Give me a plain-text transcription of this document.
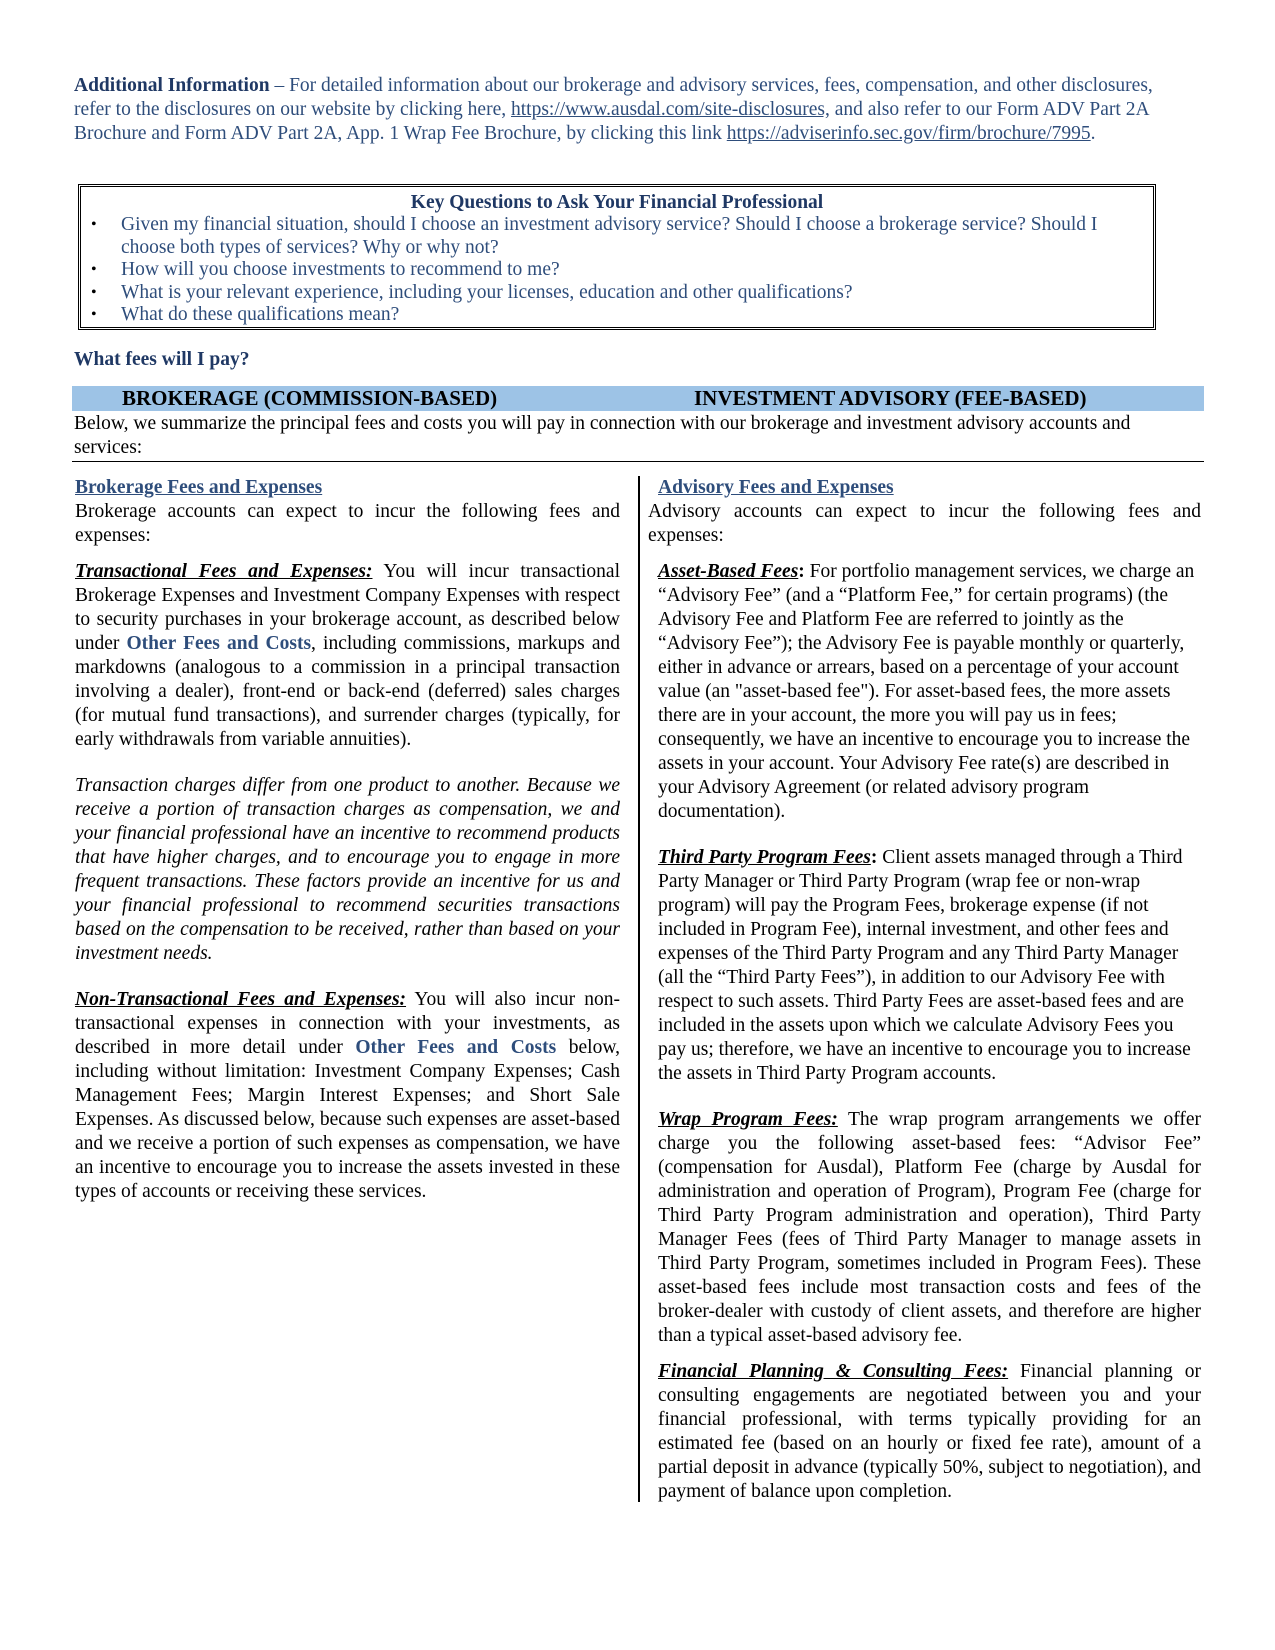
Additional Information – For detailed information about our brokerage and advisory services, fees, compensation, and other disclosures, refer to the disclosures on our website by clicking here, https://www.ausdal.com/site-disclosures, and also refer to our Form ADV Part 2A Brochure and Form ADV Part 2A, App. 1 Wrap Fee Brochure, by clicking this link https://adviserinfo.sec.gov/firm/brochure/7995.
Key Questions to Ask Your Financial Professional
• Given my financial situation, should I choose an investment advisory service? Should I choose a brokerage service? Should I choose both types of services? Why or why not?
• How will you choose investments to recommend to me?
• What is your relevant experience, including your licenses, education and other qualifications?
• What do these qualifications mean?
What fees will I pay?
BROKERAGE (COMMISSION-BASED)	INVESTMENT ADVISORY (FEE-BASED)
Below, we summarize the principal fees and costs you will pay in connection with our brokerage and investment advisory accounts and services:

Brokerage Fees and Expenses

Brokerage accounts can expect to incur the following fees and expenses:

Transactional Fees and Expenses: You will incur transactional Brokerage Expenses and Investment Company Expenses with respect to security purchases in your brokerage account, as described below under Other Fees and Costs, including commissions, markups and markdowns (analogous to a commission in a principal transaction involving a dealer), front-end or back-end (deferred) sales charges (for mutual fund transactions), and surrender charges (typically, for early withdrawals from variable annuities).

Transaction charges differ from one product to another. Because we receive a portion of transaction charges as compensation, we and your financial professional have an incentive to recommend products that have higher charges, and to encourage you to engage in more frequent transactions. These factors provide an incentive for us and your financial professional to recommend securities transactions based on the compensation to be received, rather than based on your investment needs.

Non-Transactional Fees and Expenses: You will also incur non-transactional expenses in connection with your investments, as described in more detail under Other Fees and Costs below, including without limitation: Investment Company Expenses; Cash Management Fees; Margin Interest Expenses; and Short Sale Expenses. As discussed below, because such expenses are asset-based and we receive a portion of such expenses as compensation, we have an incentive to encourage you to increase the assets invested in these types of accounts or receiving these services.

Advisory Fees and Expenses

Advisory accounts can expect to incur the following fees and expenses:

Asset-Based Fees: For portfolio management services, we charge an “Advisory Fee” (and a “Platform Fee,” for certain programs) (the Advisory Fee and Platform Fee are referred to jointly as the “Advisory Fee”); the Advisory Fee is payable monthly or quarterly, either in advance or arrears, based on a percentage of your account value (an "asset-based fee"). For asset-based fees, the more assets there are in your account, the more you will pay us in fees; consequently, we have an incentive to encourage you to increase the assets in your account. Your Advisory Fee rate(s) are described in your Advisory Agreement (or related advisory program documentation).

Third Party Program Fees: Client assets managed through a Third Party Manager or Third Party Program (wrap fee or non-wrap program) will pay the Program Fees, brokerage expense (if not included in Program Fee), internal investment, and other fees and expenses of the Third Party Program and any Third Party Manager (all the “Third Party Fees”), in addition to our Advisory Fee with respect to such assets. Third Party Fees are asset-based fees and are included in the assets upon which we calculate Advisory Fees you pay us; therefore, we have an incentive to encourage you to increase the assets in Third Party Program accounts.

Wrap Program Fees: The wrap program arrangements we offer charge you the following asset-based fees: “Advisor Fee” (compensation for Ausdal), Platform Fee (charge by Ausdal for administration and operation of Program), Program Fee (charge for Third Party Program administration and operation), Third Party Manager Fees (fees of Third Party Manager to manage assets in Third Party Program, sometimes included in Program Fees). These asset-based fees include most transaction costs and fees of the broker-dealer with custody of client assets, and therefore are higher than a typical asset-based advisory fee.

Financial Planning & Consulting Fees: Financial planning or consulting engagements are negotiated between you and your financial professional, with terms typically providing for an estimated fee (based on an hourly or fixed fee rate), amount of a partial deposit in advance (typically 50%, subject to negotiation), and payment of balance upon completion.
